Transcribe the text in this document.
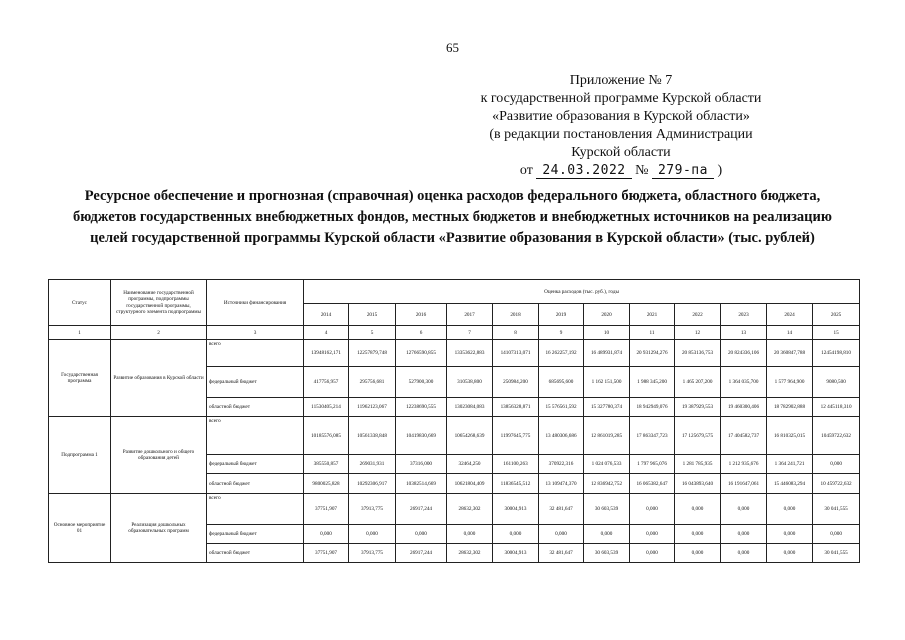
65
Приложение № 7
к государственной программе Курской области
«Развитие образования в Курской области»
(в редакции постановления Администрации
Курской области
от 24.03.2022 № 279-па )
Ресурсное обеспечение и прогнозная (справочная) оценка расходов федерального бюджета, областного бюджета, бюджетов государственных внебюджетных фондов, местных бюджетов и внебюджетных источников на реализацию целей государственной программы Курской области «Развитие образования в Курской области» (тыс. рублей)
Статус	Наименование государственной программы, подпрограммы государственной программы, структурного элемента подпрограммы	Источники финансирования	Оценка расходов (тыс. руб.), годы											
			2014	2015	2016	2017	2018	2019	2020	2021	2022	2023	2024	2025
1	2	3	4	5	6	7	8	9	10	11	12	13	14	15
Государственная программа	Развитие образования в Курской области	всего	13948162,171	12257879,748	12766590,855	13353622,883	14107313,071	16 262257,192	16 489931,874	20 931294,276	20 853136,753	20 824336,106	20 360847,788	12454198,810
		федеральный бюджет	417756,957	295756,681	527900,300	310538,800	250984,200	685695,600	1 162 151,500	1 988 345,200	1 465 207,200	1 364 035,700	1 577 964,900	9080,500
		областной бюджет	11530405,214	11962123,067	12238690,555	13023084,083	13856328,871	15 576561,592	15 327780,374	18 942949,076	19 387929,553	19 460300,406	18 782902,888	12 445118,310
Подпрограмма 1	Развитие дошкольного и общего образования детей	всего	10185576,085	10561338,848	10419830,669	10654268,639	11997645,775	13 480306,686	12 861019,285	17 863347,723	17 125679,575	17 404582,737	16 810325,015	10459722,632
		федеральный бюджет	385550,857	269031,931	37316,000	32464,250	161100,263	370922,316	1 024 076,533	1 797 965,076	1 281 785,935	1 212 935,676	1 364 241,721	0,000
		областной бюджет	9800025,828	10292306,917	10382514,669	10621804,409	11836545,512	13 109474,370	12 836942,752	16 065382,647	16 043893,640	16 191647,061	15 446083,294	10 459722,632
Основное мероприятие 01	Реализация дошкольных образовательных программ	всего	37751,907	37913,775	26917,244	28632,302	30004,913	32 481,647	30 603,539	0,000	0,000	0,000	0,000	30 041,555
		федеральный бюджет	0,000	0,000	0,000	0,000	0,000	0,000	0,000	0,000	0,000	0,000	0,000	0,000
		областной бюджет	37751,907	37913,775	26917,244	28632,302	30004,913	32 481,647	30 603,539	0,000	0,000	0,000	0,000	30 041,555
